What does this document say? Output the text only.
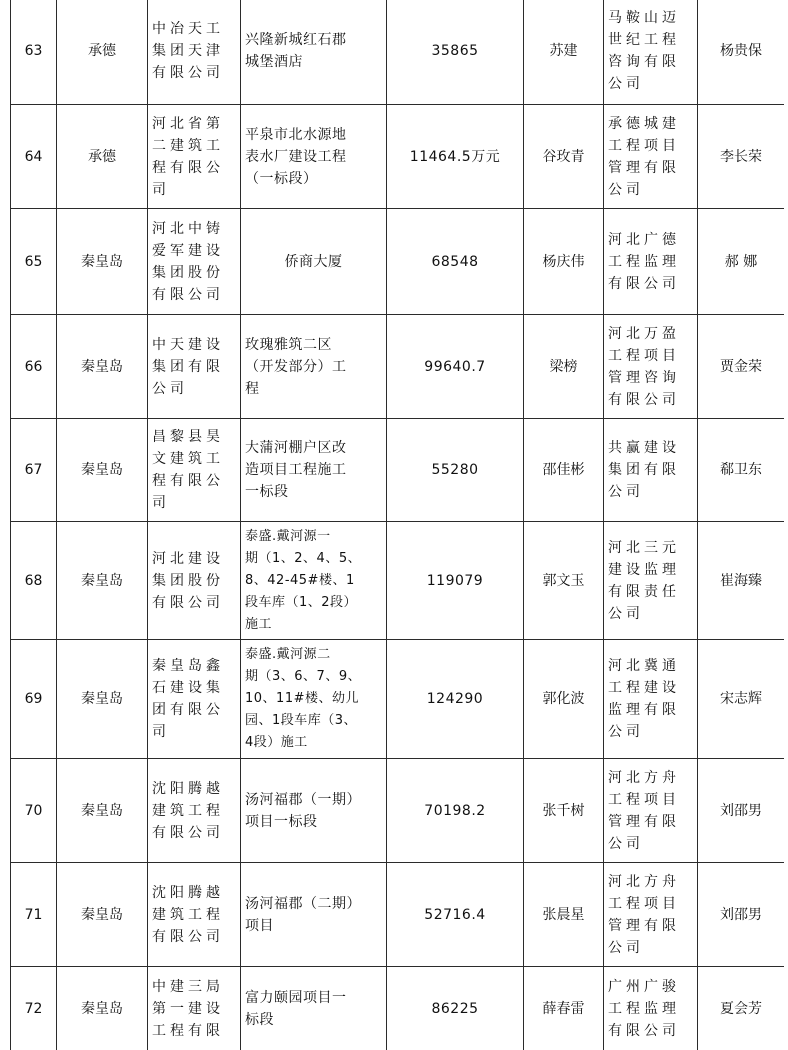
63	承德	中冶天工
集团天津
有限公司	兴隆新城红石郡
城堡酒店	35865	苏建	马鞍山迈
世纪工程
咨询有限
公司	杨贵保
64	承德	河北省第
二建筑工
程有限公
司	平泉市北水源地
表水厂建设工程
（一标段）	11464.5万元	谷玫青	承德城建
工程项目
管理有限
公司	李长荣
65	秦皇岛	河北中铸
爱军建设
集团股份
有限公司	侨商大厦	68548	杨庆伟	河北广德
工程监理
有限公司	郝 娜
66	秦皇岛	中天建设
集团有限
公司	玫瑰雅筑二区
（开发部分）工
程	99640.7	梁榜	河北万盈
工程项目
管理咨询
有限公司	贾金荣
67	秦皇岛	昌黎县昊
文建筑工
程有限公
司	大蒲河棚户区改
造项目工程施工
一标段	55280	邵佳彬	共赢建设
集团有限
公司	郗卫东
68	秦皇岛	河北建设
集团股份
有限公司	泰盛.戴河源一
期（1、2、4、5、
8、42-45#楼、1
段车库（1、2段）
施工	119079	郭文玉	河北三元
建设监理
有限责任
公司	崔海臻
69	秦皇岛	秦皇岛鑫
石建设集
团有限公
司	泰盛.戴河源二
期（3、6、7、9、
10、11#楼、幼儿
园、1段车库（3、
4段）施工	124290	郭化波	河北冀通
工程建设
监理有限
公司	宋志辉
70	秦皇岛	沈阳腾越
建筑工程
有限公司	汤河福郡（一期）
项目一标段	70198.2	张千树	河北方舟
工程项目
管理有限
公司	刘邵男
71	秦皇岛	沈阳腾越
建筑工程
有限公司	汤河福郡（二期）
项目	52716.4	张晨星	河北方舟
工程项目
管理有限
公司	刘邵男
72	秦皇岛	中建三局
第一建设
工程有限	富力颐园项目一
标段	86225	薛春雷	广州广骏
工程监理
有限公司	夏会芳
